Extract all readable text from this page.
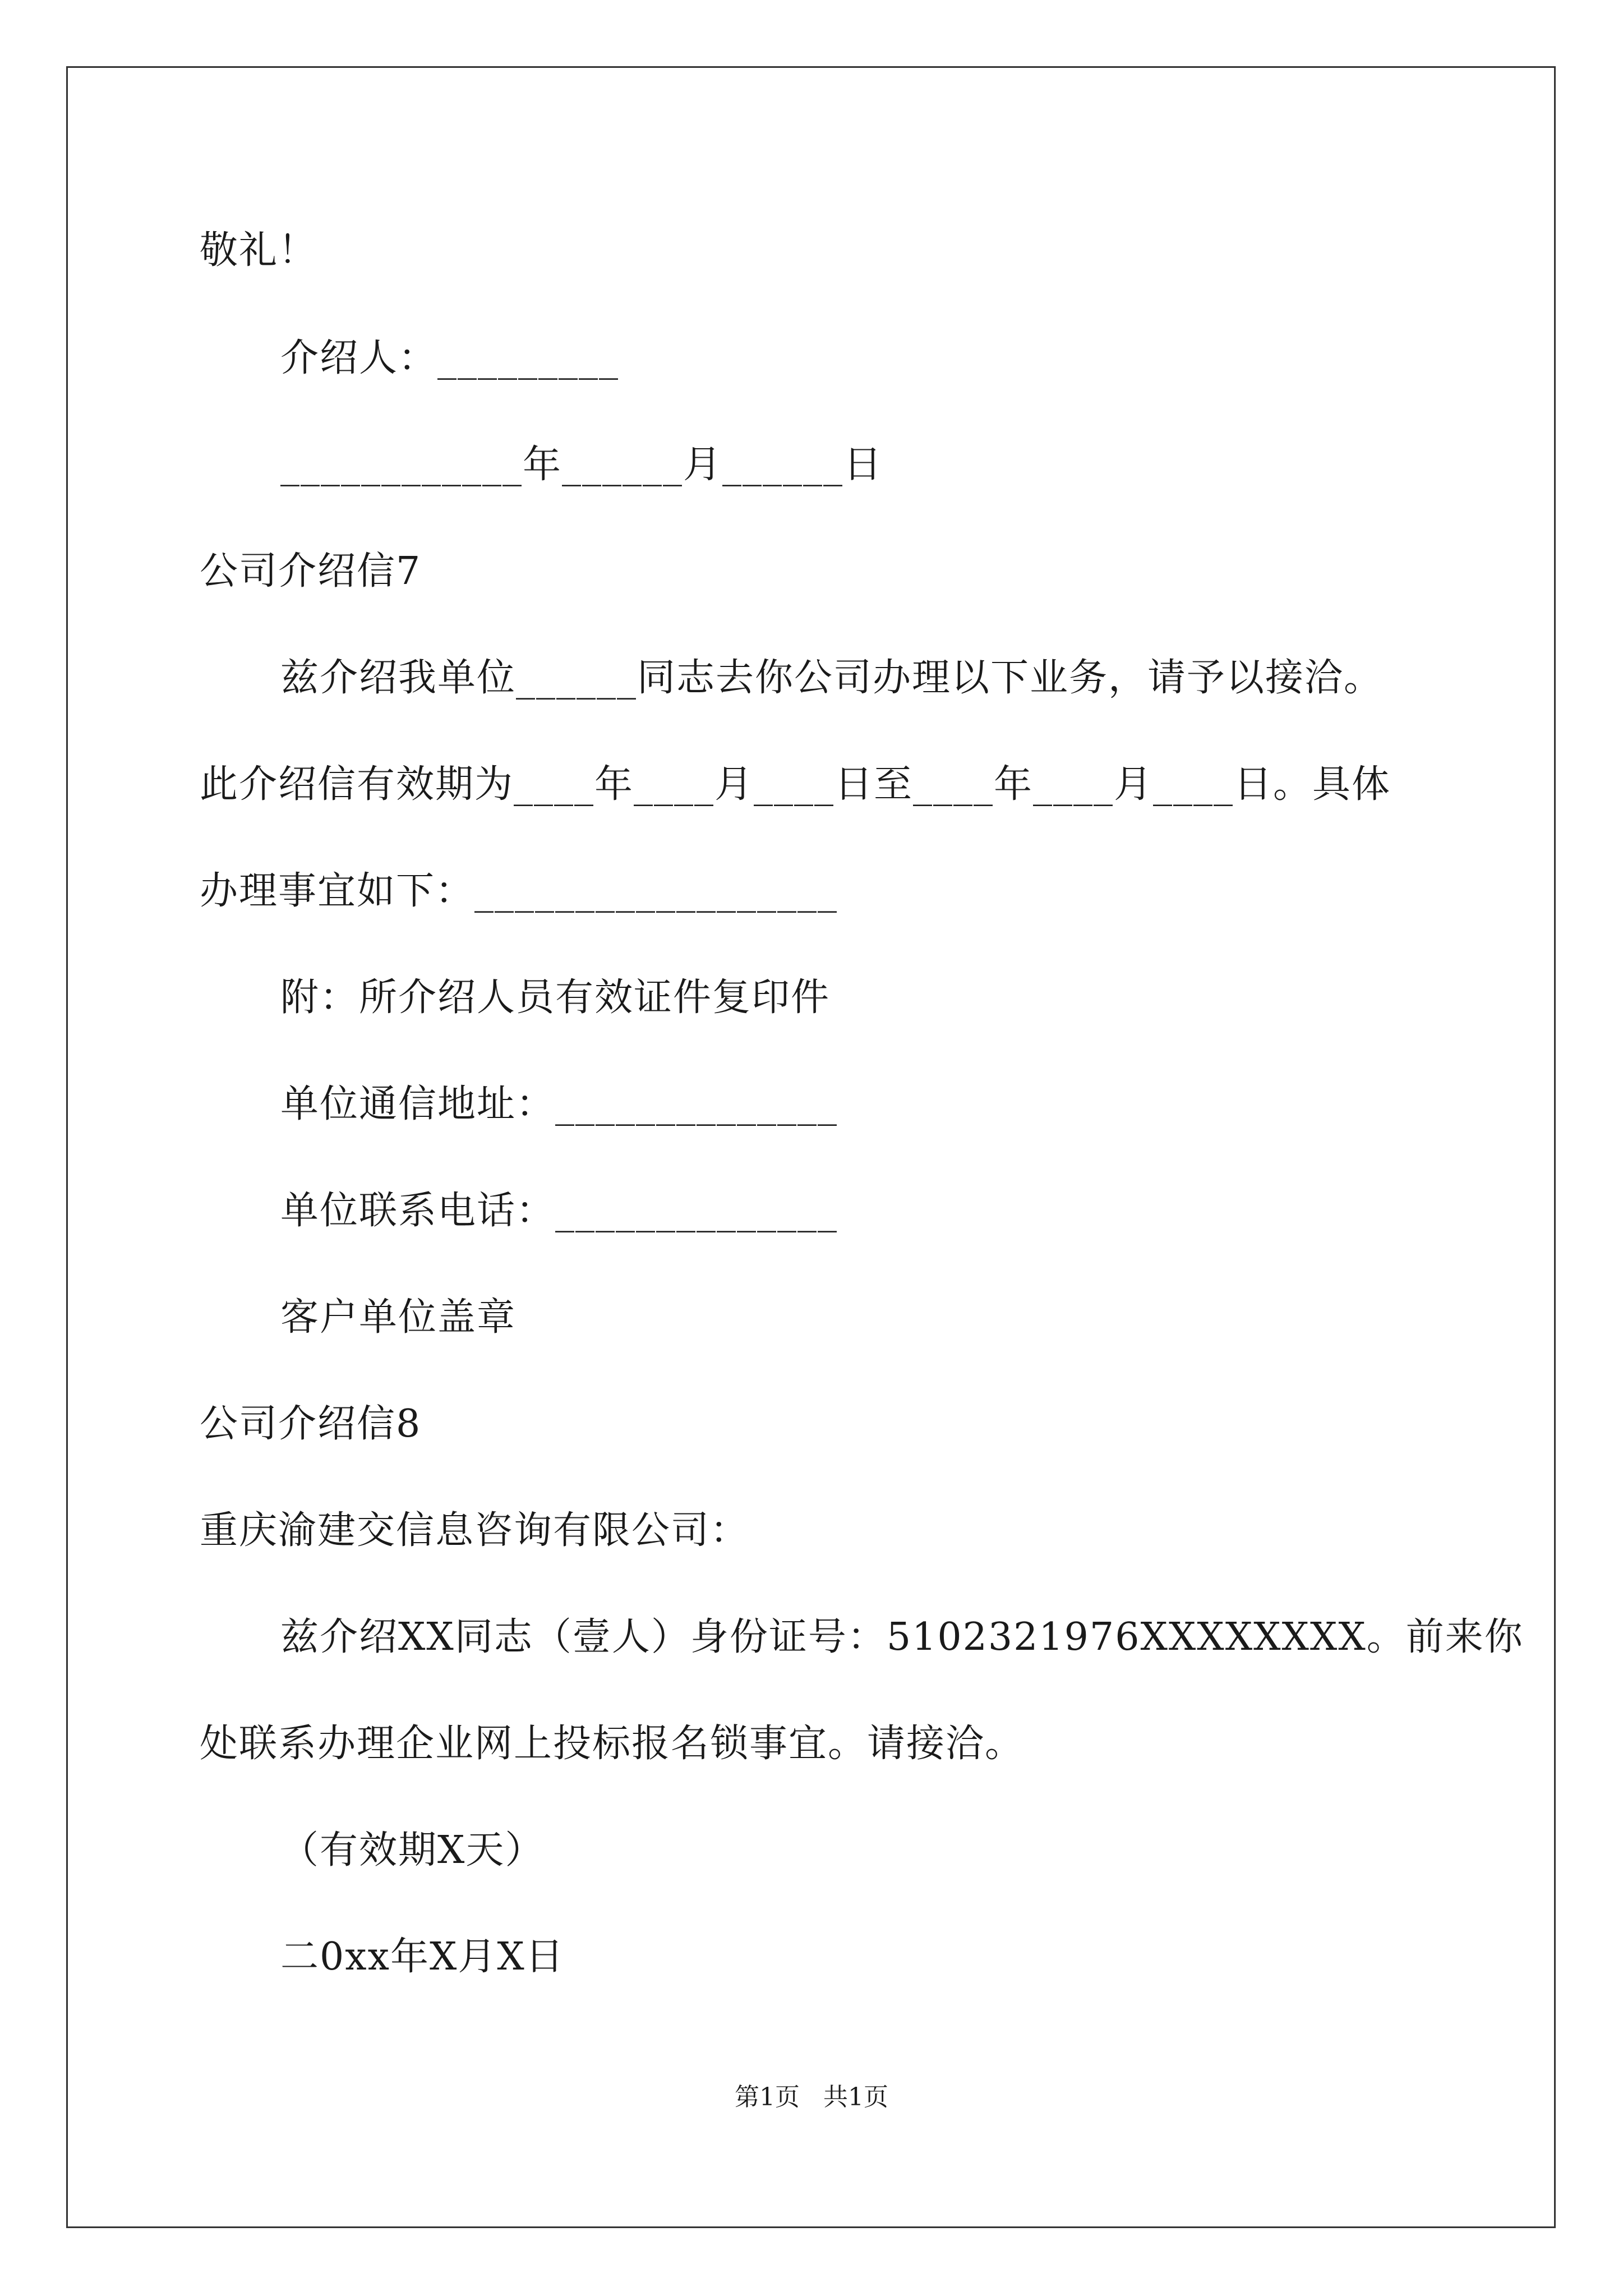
敬礼！
介绍人：_________
____________年______月______日
公司介绍信7
兹介绍我单位______同志去你公司办理以下业务，请予以接洽。
此介绍信有效期为____年____月____日至____年____月____日。具体
办理事宜如下：__________________
附：所介绍人员有效证件复印件
单位通信地址：______________
单位联系电话：______________
客户单位盖章
公司介绍信8
重庆渝建交信息咨询有限公司：
兹介绍XX同志（壹人）身份证号：5102321976XXXXXXXX。前来你
处联系办理企业网上投标报名锁事宜。请接洽。
（有效期X天）
二0xx年X月X日
第1页   共1页
